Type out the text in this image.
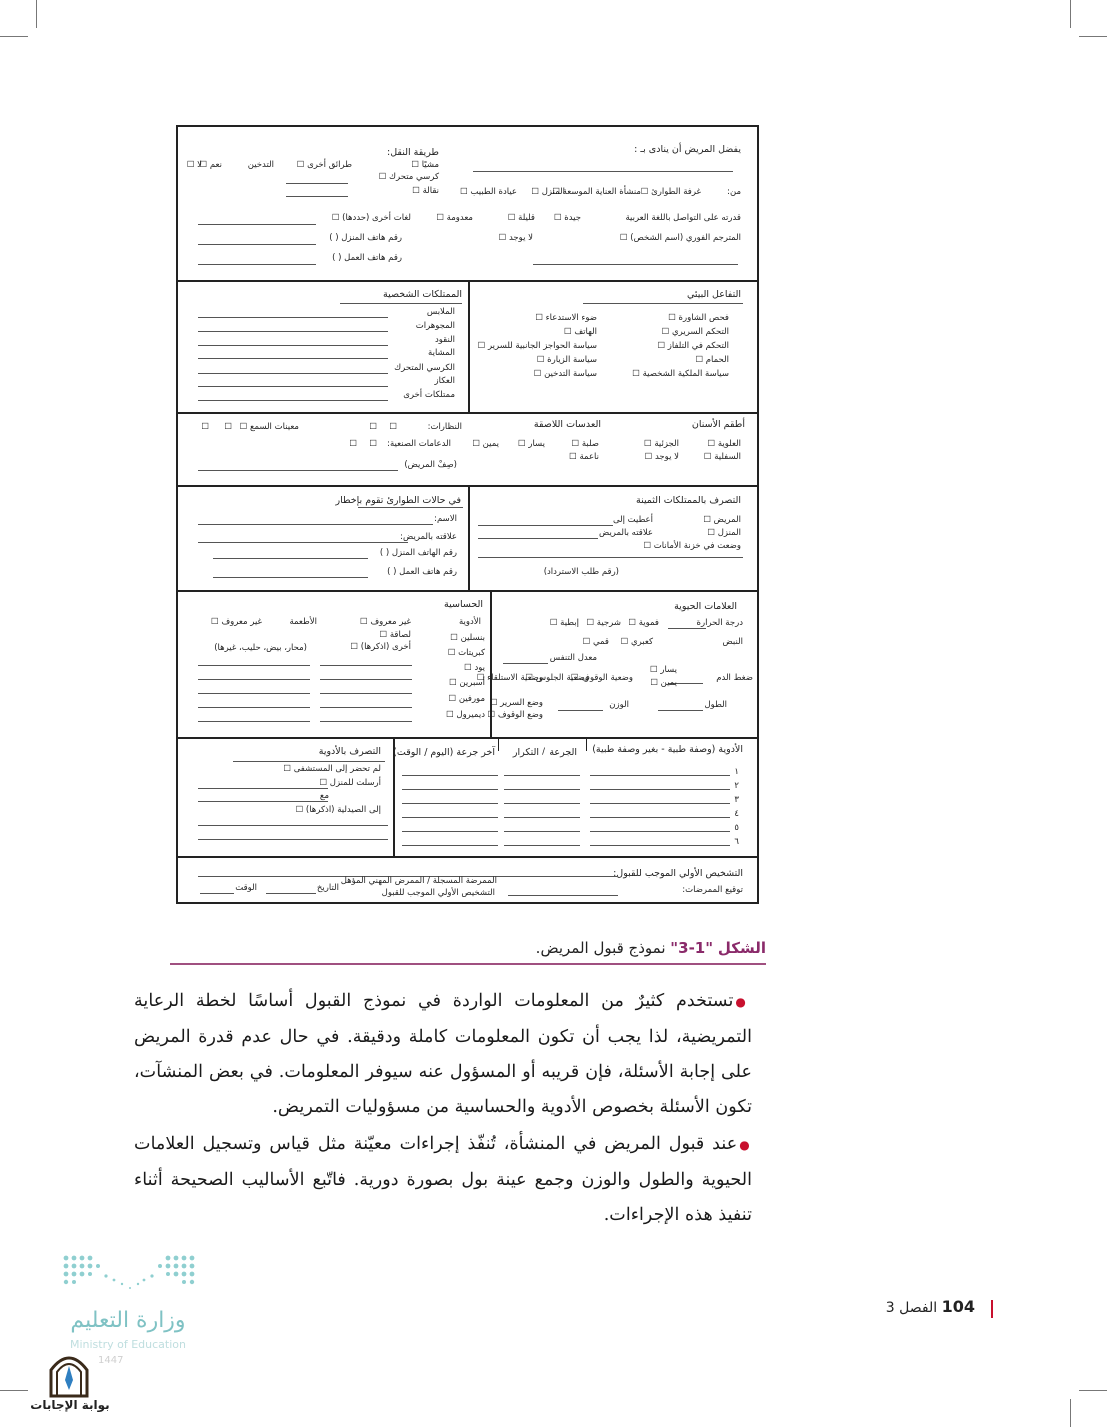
يفضل المريض أن ينادى بـ :
طريقة النقل:
مشيًا ☐
كرسي متحرك ☐
نقالة ☐
طرائق أخرى ☐
التدخين
نعم ☐
لا ☐
من:
غرفة الطوارئ ☐
منشأة العناية الموسعة ☐
المنزل ☐
عيادة الطبيب ☐
قدرته على التواصل باللغة العربية
جيدة ☐
قليلة ☐
معدومة ☐
لغات أخرى (حددها) ☐
المترجم الفوري (اسم الشخص) ☐
لا يوجد ☐
رقم هاتف المنزل ( )
رقم هاتف العمل ( )
التفاعل البيئي
فحص الشاورة ☐
التحكم السريري ☐
التحكم في التلفاز ☐
الحمام ☐
سياسة الملكية الشخصية ☐
ضوء الاستدعاء ☐
الهاتف ☐
سياسة الحواجز الجانبية للسرير ☐
سياسة الزيارة ☐
سياسة التدخين ☐
الممتلكات الشخصية
الملابس
المجوهرات
النقود
المشاية
الكرسي المتحرك
العكاز
ممتلكات أخرى
أطقم الأسنان
العلوية ☐
الجزئية ☐
السفلية ☐
لا يوجد ☐
العدسات اللاصقة
صلبة ☐
ناعمة ☐
يسار ☐
يمين ☐
النظارات:
☐
☐
الدعامات الصنعية:
☐
☐
(صِفْ المريض)
معينات السمع ☐
☐
☐
التصرف بالممتلكات الثمينة
المريض ☐
المنزل ☐
وضعت في خزنة الأمانات ☐
أعطيت إلى
علاقته بالمريض
(رقم طلب الاسترداد)
في حالات الطوارئ تقوم بإخطار
الاسم:
علاقته بالمريض:
رقم الهاتف المنزل ( )
رقم هاتف العمل ( )
العلامات الحيوية
درجة الحرارة
فموية ☐
شرجية ☐
إبطية ☐
النبض
كعبري ☐
قمي ☐
معدل التنفس
ضغط الدم
يسار ☐
يمين ☐
وضعية الوقوف ☐
وضعية الجلوس ☐
وضعية الاستلقاء ☐
الوزن	الطول
وضع السرير ☐
وضع الوقوف ☐
الحساسية
الأدوية
بنسلين ☐
كبريتات ☐
يود ☐
أسبرين ☐
مورفين ☐
ديميرول ☐
غير معروف ☐
لصاقة ☐
أخرى (اذكرها) ☐
الأطعمة
غير معروف ☐
(محار، بيض، حليب، غيرها)
الأدوية (وصفة طبية - بغير وصفة طبية)
الجرعة
/
التكرار
آخر جرعة (اليوم / الوقت)
١
٢
٣
٤
٥
٦
التصرف بالأدوية
لم تحضر إلى المستشفى ☐
أرسلت للمنزل ☐
مع
إلى الصيدلية (اذكرها) ☐
التشخيص الأولي الموجب للقبول:
توقيع الممرضات:
الممرضة المسجلة / الممرض المهني المؤهل
التشخيص الأولي الموجب للقبول
التاريخ
الوقت
الشكل "1-3" نموذج قبول المريض.
● تستخدم كثيرٌ من المعلومات الواردة في نموذج القبول أساسًا لخطة الرعاية التمريضية، لذا يجب أن تكون المعلومات كاملة ودقيقة. في حال عدم قدرة المريض على إجابة الأسئلة، فإن قريبه أو المسؤول عنه سيوفر المعلومات. في بعض المنشآت، تكون الأسئلة بخصوص الأدوية والحساسية من مسؤوليات التمريض.
● عند قبول المريض في المنشأة، تُنفّذ إجراءات معيّنة مثل قياس وتسجيل العلامات الحيوية والطول والوزن وجمع عينة بول بصورة دورية. فاتّبع الأساليب الصحيحة أثناء تنفيذ هذه الإجراءات.
104 الفصل 3
وزارة التعليم
Ministry of Education
1447
بوابة الإجابات
